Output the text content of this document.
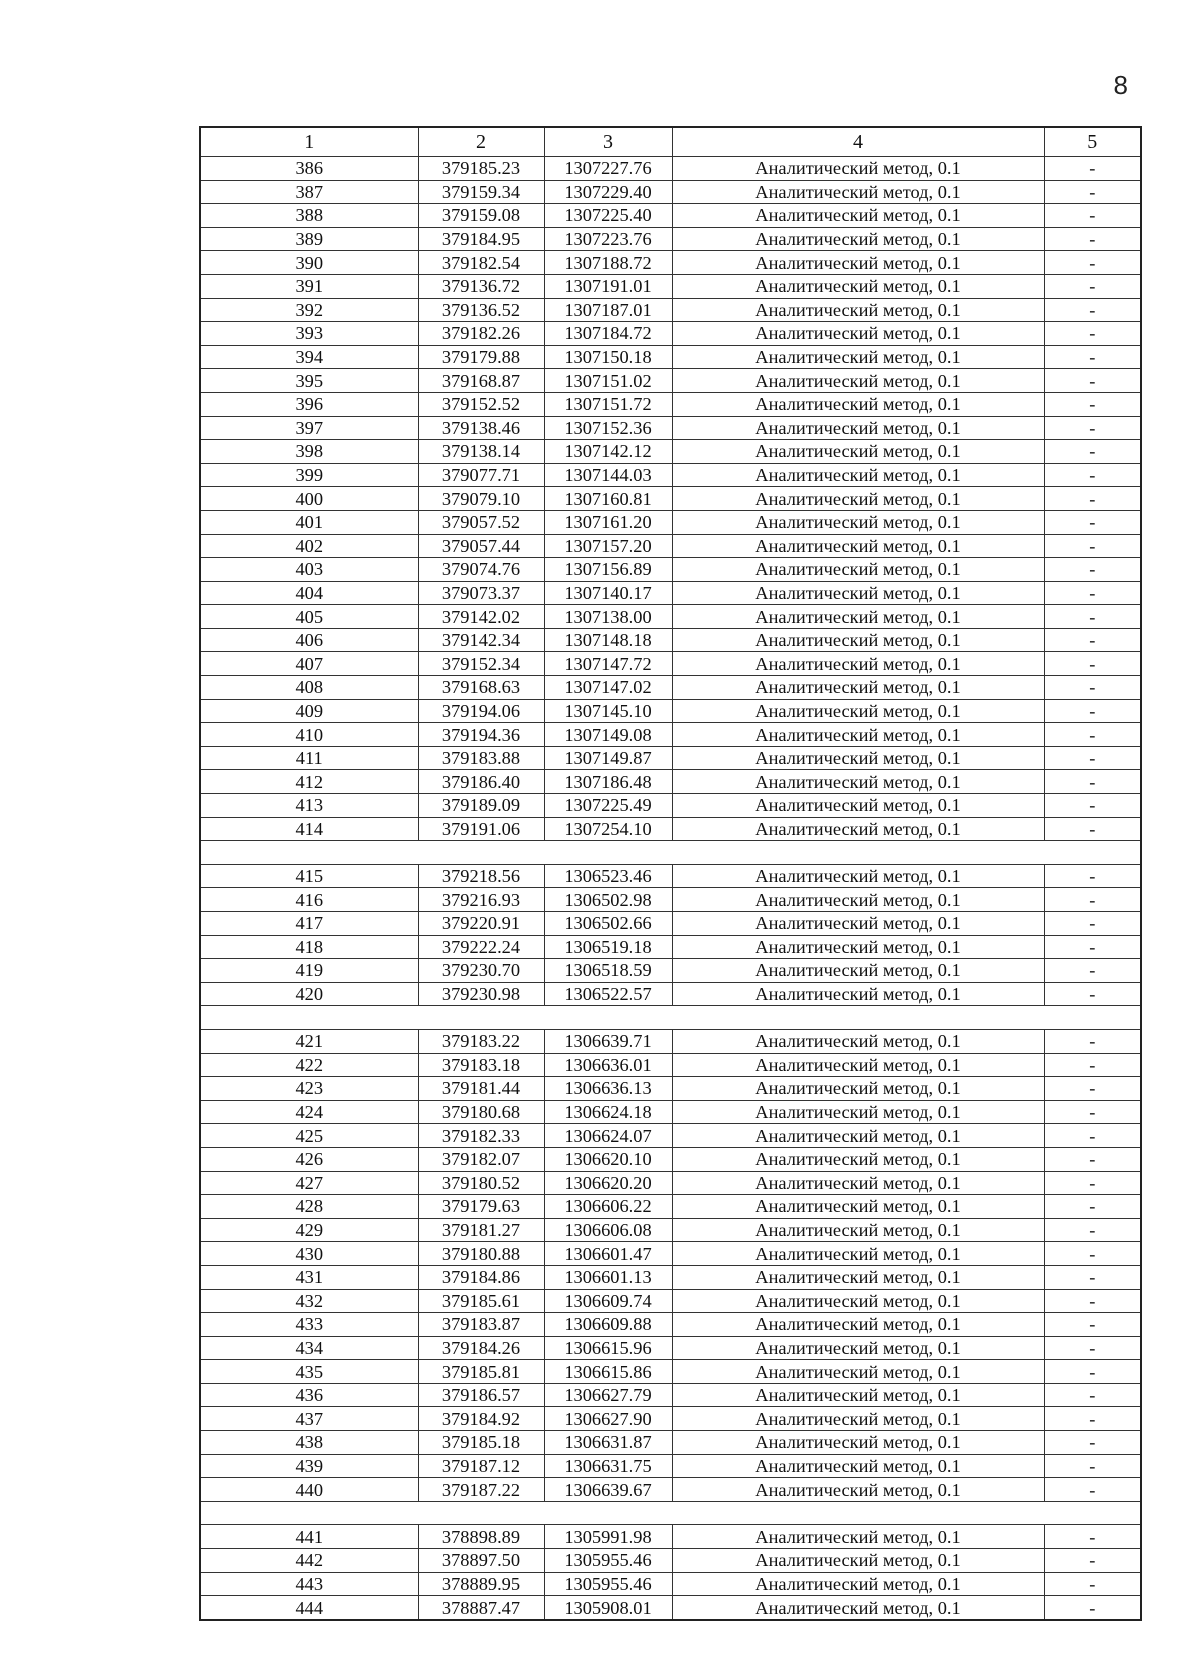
8
1	2	3	4	5
386	379185.23	1307227.76	Аналитический метод, 0.1	-
387	379159.34	1307229.40	Аналитический метод, 0.1	-
388	379159.08	1307225.40	Аналитический метод, 0.1	-
389	379184.95	1307223.76	Аналитический метод, 0.1	-
390	379182.54	1307188.72	Аналитический метод, 0.1	-
391	379136.72	1307191.01	Аналитический метод, 0.1	-
392	379136.52	1307187.01	Аналитический метод, 0.1	-
393	379182.26	1307184.72	Аналитический метод, 0.1	-
394	379179.88	1307150.18	Аналитический метод, 0.1	-
395	379168.87	1307151.02	Аналитический метод, 0.1	-
396	379152.52	1307151.72	Аналитический метод, 0.1	-
397	379138.46	1307152.36	Аналитический метод, 0.1	-
398	379138.14	1307142.12	Аналитический метод, 0.1	-
399	379077.71	1307144.03	Аналитический метод, 0.1	-
400	379079.10	1307160.81	Аналитический метод, 0.1	-
401	379057.52	1307161.20	Аналитический метод, 0.1	-
402	379057.44	1307157.20	Аналитический метод, 0.1	-
403	379074.76	1307156.89	Аналитический метод, 0.1	-
404	379073.37	1307140.17	Аналитический метод, 0.1	-
405	379142.02	1307138.00	Аналитический метод, 0.1	-
406	379142.34	1307148.18	Аналитический метод, 0.1	-
407	379152.34	1307147.72	Аналитический метод, 0.1	-
408	379168.63	1307147.02	Аналитический метод, 0.1	-
409	379194.06	1307145.10	Аналитический метод, 0.1	-
410	379194.36	1307149.08	Аналитический метод, 0.1	-
411	379183.88	1307149.87	Аналитический метод, 0.1	-
412	379186.40	1307186.48	Аналитический метод, 0.1	-
413	379189.09	1307225.49	Аналитический метод, 0.1	-
414	379191.06	1307254.10	Аналитический метод, 0.1	-

415	379218.56	1306523.46	Аналитический метод, 0.1	-
416	379216.93	1306502.98	Аналитический метод, 0.1	-
417	379220.91	1306502.66	Аналитический метод, 0.1	-
418	379222.24	1306519.18	Аналитический метод, 0.1	-
419	379230.70	1306518.59	Аналитический метод, 0.1	-
420	379230.98	1306522.57	Аналитический метод, 0.1	-

421	379183.22	1306639.71	Аналитический метод, 0.1	-
422	379183.18	1306636.01	Аналитический метод, 0.1	-
423	379181.44	1306636.13	Аналитический метод, 0.1	-
424	379180.68	1306624.18	Аналитический метод, 0.1	-
425	379182.33	1306624.07	Аналитический метод, 0.1	-
426	379182.07	1306620.10	Аналитический метод, 0.1	-
427	379180.52	1306620.20	Аналитический метод, 0.1	-
428	379179.63	1306606.22	Аналитический метод, 0.1	-
429	379181.27	1306606.08	Аналитический метод, 0.1	-
430	379180.88	1306601.47	Аналитический метод, 0.1	-
431	379184.86	1306601.13	Аналитический метод, 0.1	-
432	379185.61	1306609.74	Аналитический метод, 0.1	-
433	379183.87	1306609.88	Аналитический метод, 0.1	-
434	379184.26	1306615.96	Аналитический метод, 0.1	-
435	379185.81	1306615.86	Аналитический метод, 0.1	-
436	379186.57	1306627.79	Аналитический метод, 0.1	-
437	379184.92	1306627.90	Аналитический метод, 0.1	-
438	379185.18	1306631.87	Аналитический метод, 0.1	-
439	379187.12	1306631.75	Аналитический метод, 0.1	-
440	379187.22	1306639.67	Аналитический метод, 0.1	-

441	378898.89	1305991.98	Аналитический метод, 0.1	-
442	378897.50	1305955.46	Аналитический метод, 0.1	-
443	378889.95	1305955.46	Аналитический метод, 0.1	-
444	378887.47	1305908.01	Аналитический метод, 0.1	-
